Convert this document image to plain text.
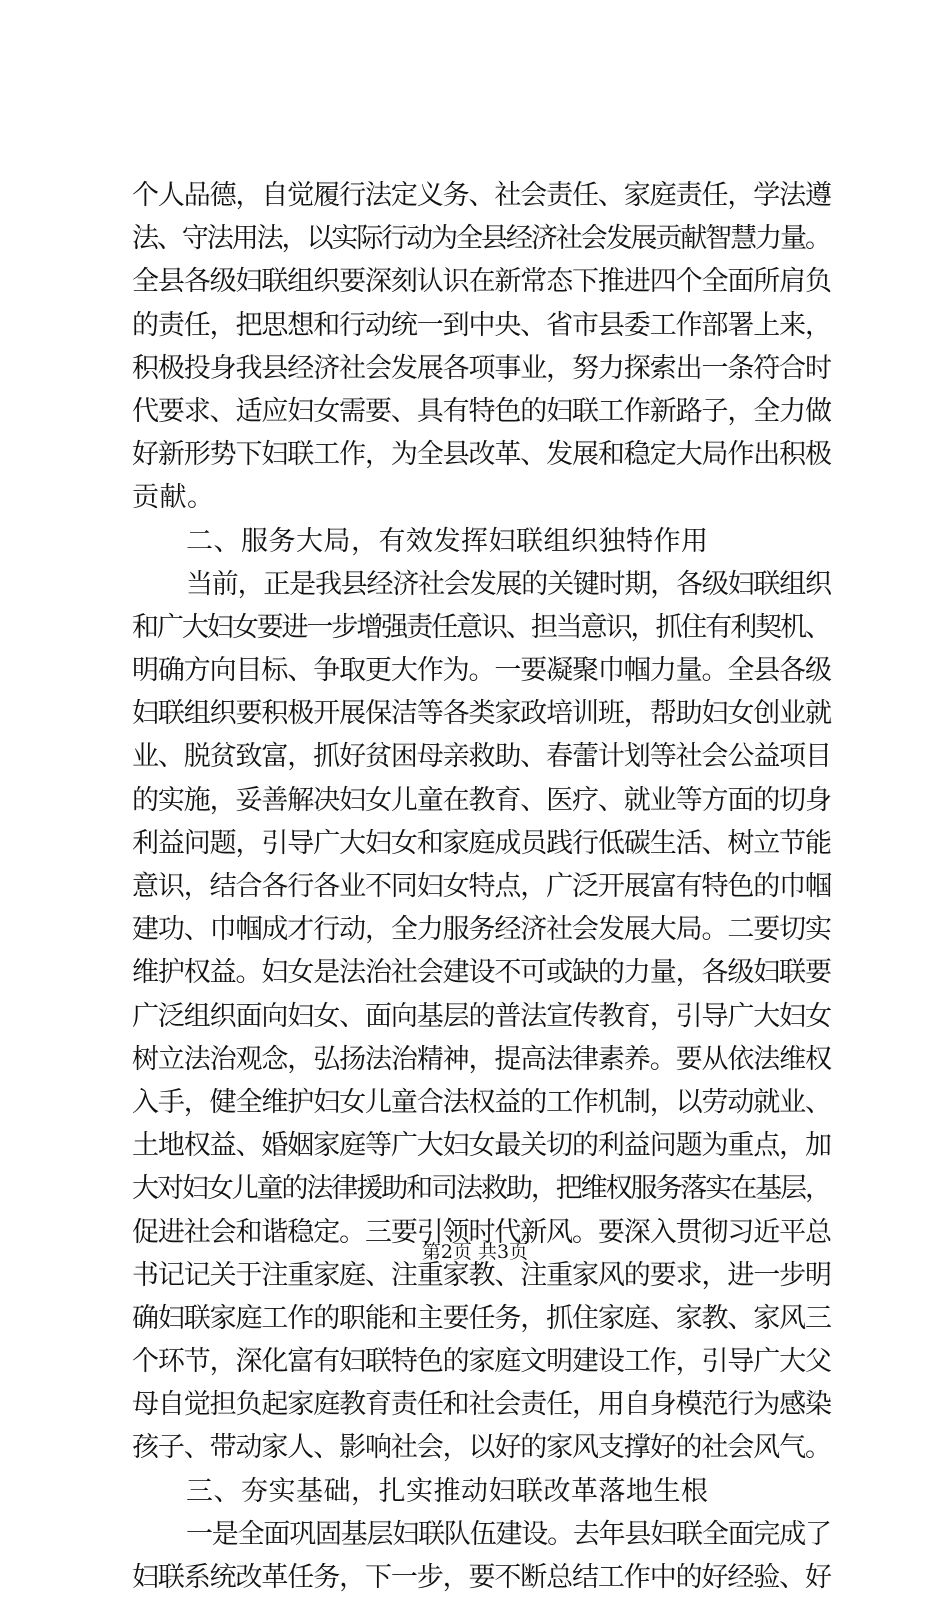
个人品德，自觉履行法定义务、社会责任、家庭责任，学法遵
法、守法用法，以实际行动为全县经济社会发展贡献智慧力量。
全县各级妇联组织要深刻认识在新常态下推进四个全面所肩负
的责任，把思想和行动统一到中央、省市县委工作部署上来，
积极投身我县经济社会发展各项事业，努力探索出一条符合时
代要求、适应妇女需要、具有特色的妇联工作新路子，全力做
好新形势下妇联工作，为全县改革、发展和稳定大局作出积极
贡献。
二、服务大局，有效发挥妇联组织独特作用
当前，正是我县经济社会发展的关键时期，各级妇联组织
和广大妇女要进一步增强责任意识、担当意识，抓住有利契机、
明确方向目标、争取更大作为。一要凝聚巾帼力量。全县各级
妇联组织要积极开展保洁等各类家政培训班，帮助妇女创业就
业、脱贫致富，抓好贫困母亲救助、春蕾计划等社会公益项目
的实施，妥善解决妇女儿童在教育、医疗、就业等方面的切身
利益问题，引导广大妇女和家庭成员践行低碳生活、树立节能
意识，结合各行各业不同妇女特点，广泛开展富有特色的巾帼
建功、巾帼成才行动，全力服务经济社会发展大局。二要切实
维护权益。妇女是法治社会建设不可或缺的力量，各级妇联要
广泛组织面向妇女、面向基层的普法宣传教育，引导广大妇女
树立法治观念，弘扬法治精神，提高法律素养。要从依法维权
入手，健全维护妇女儿童合法权益的工作机制，以劳动就业、
土地权益、婚姻家庭等广大妇女最关切的利益问题为重点，加
大对妇女儿童的法律援助和司法救助，把维权服务落实在基层，
促进社会和谐稳定。三要引领时代新风。要深入贯彻习近平总
书记记关于注重家庭、注重家教、注重家风的要求，进一步明
确妇联家庭工作的职能和主要任务，抓住家庭、家教、家风三
个环节，深化富有妇联特色的家庭文明建设工作，引导广大父
母自觉担负起家庭教育责任和社会责任，用自身模范行为感染
孩子、带动家人、影响社会，以好的家风支撑好的社会风气。
三、夯实基础，扎实推动妇联改革落地生根
一是全面巩固基层妇联队伍建设。去年县妇联全面完成了
妇联系统改革任务，下一步，要不断总结工作中的好经验、好
第2页 共3页
